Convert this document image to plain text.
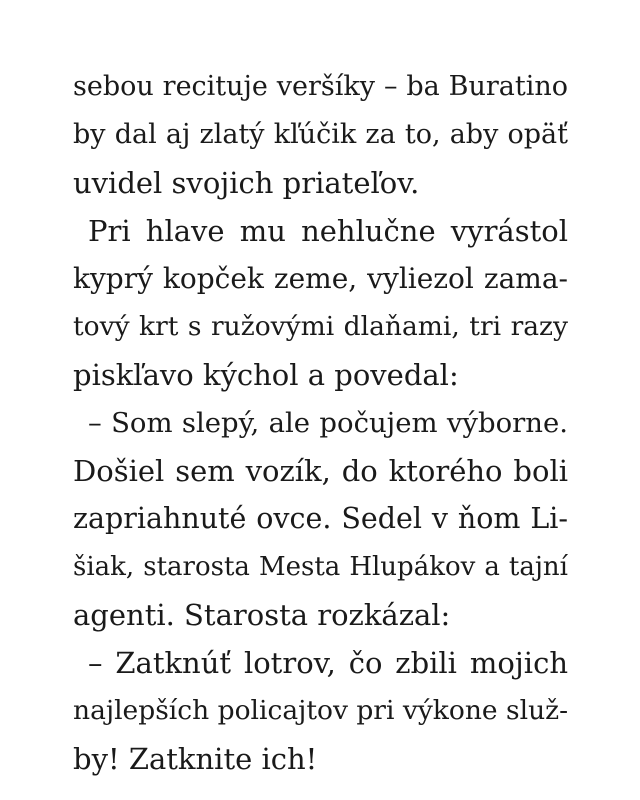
sebou recituje veršíky – ba Buratino
by dal aj zlatý kľúčik za to, aby opäť
uvidel svojich priateľov.
Pri hlave mu nehlučne vyrástol
kyprý kopček zeme, vyliezol zama-
tový krt s ružovými dlaňami, tri razy
piskľavo kýchol a povedal:
– Som slepý, ale počujem výborne.
Došiel sem vozík, do ktorého boli
zapriahnuté ovce. Sedel v ňom Li-
šiak, starosta Mesta Hlupákov a tajní
agenti. Starosta rozkázal:
– Zatknúť lotrov, čo zbili mojich
najlepších policajtov pri výkone služ-
by! Zatknite ich!
